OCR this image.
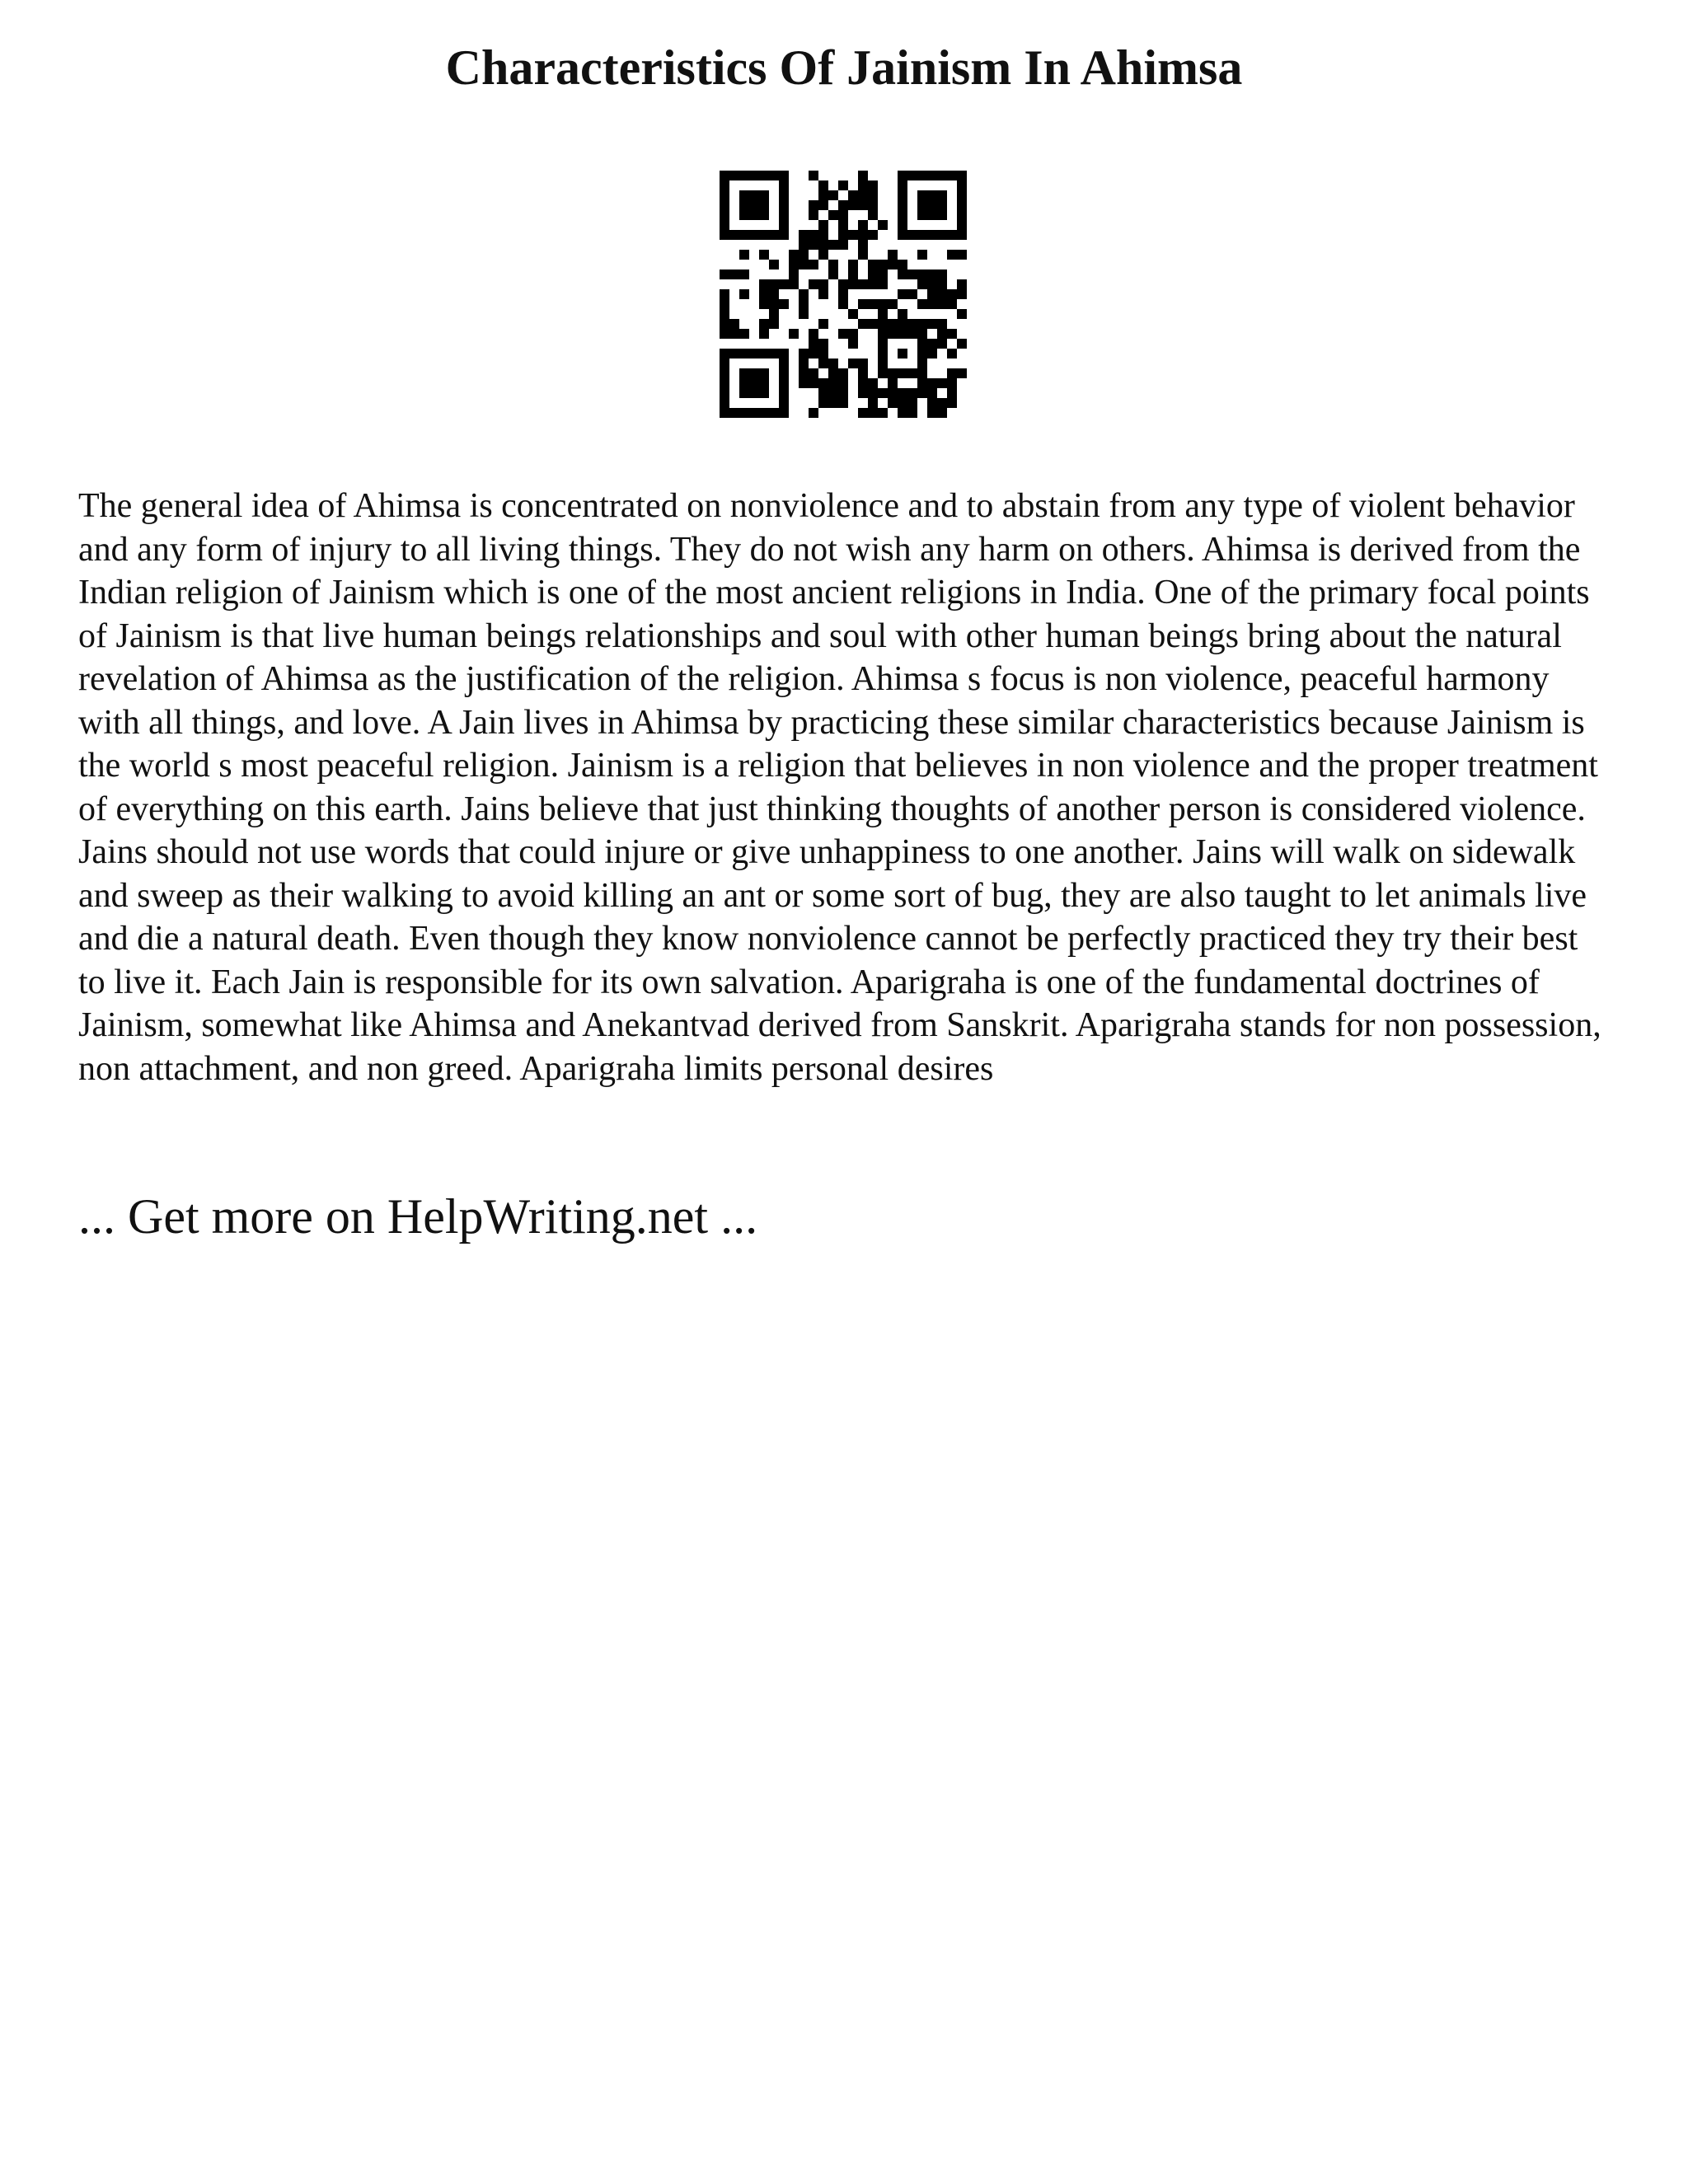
Characteristics Of Jainism In Ahimsa

The general idea of Ahimsa is concentrated on nonviolence and to abstain from any type of violent behavior and any form of injury to all living things. They do not wish any harm on others. Ahimsa is derived from the Indian religion of Jainism which is one of the most ancient religions in India. One of the primary focal points of Jainism is that live human beings relationships and soul with other human beings bring about the natural revelation of Ahimsa as the justification of the religion. Ahimsa s focus is non violence, peaceful harmony with all things, and love. A Jain lives in Ahimsa by practicing these similar characteristics because Jainism is the world s most peaceful religion. Jainism is a religion that believes in non violence and the proper treatment of everything on this earth. Jains believe that just thinking thoughts of another person is considered violence. Jains should not use words that could injure or give unhappiness to one another. Jains will walk on sidewalk and sweep as their walking to avoid killing an ant or some sort of bug, they are also taught to let animals live and die a natural death. Even though they know nonviolence cannot be perfectly practiced they try their best to live it. Each Jain is responsible for its own salvation. Aparigraha is one of the fundamental doctrines of Jainism, somewhat like Ahimsa and Anekantvad derived from Sanskrit. Aparigraha stands for non possession, non attachment, and non greed. Aparigraha limits personal desires

... Get more on HelpWriting.net ...
